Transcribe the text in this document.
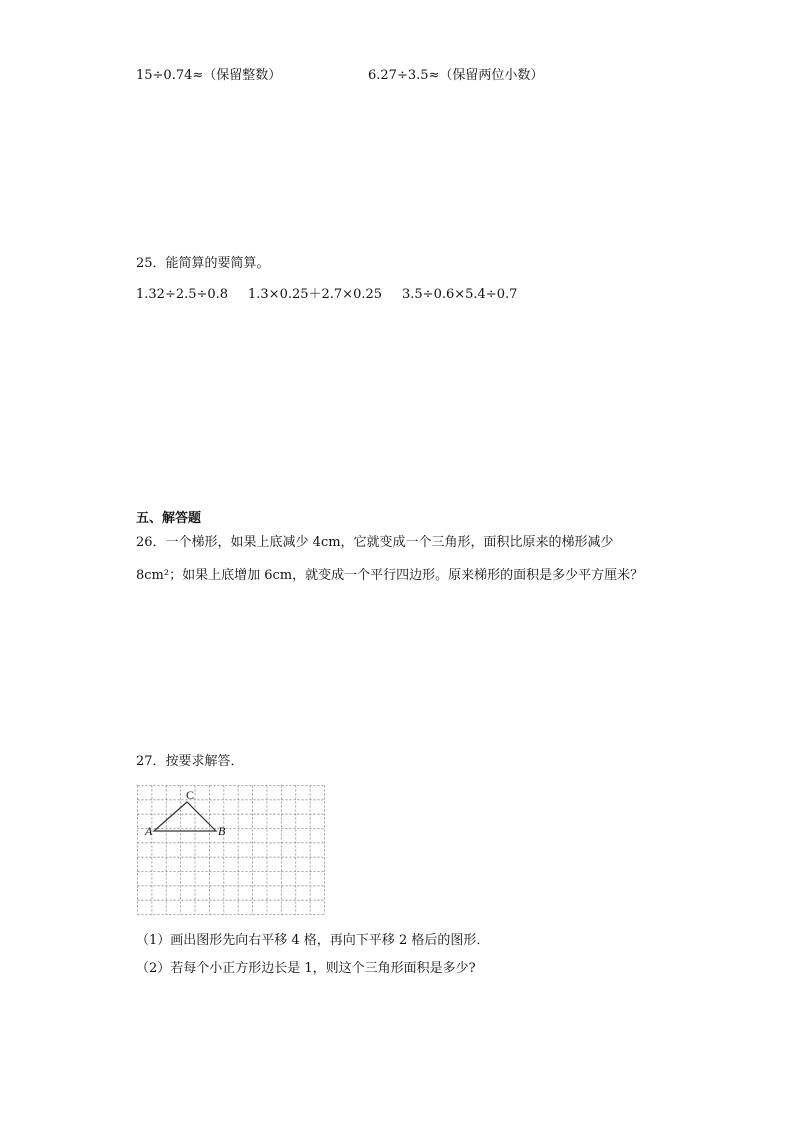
15÷0.74≈（保留整数）	6.27÷3.5≈（保留两位小数）
25．能简算的要简算。
1.32÷2.5÷0.8 1.3×0.25＋2.7×0.25 3.5÷0.6×5.4÷0.7
五、解答题
26．一个梯形，如果上底减少 4cm，它就变成一个三角形，面积比原来的梯形减少
8cm²；如果上底增加 6cm，就变成一个平行四边形。原来梯形的面积是多少平方厘米？
27．按要求解答．
A	B
C
（1）画出图形先向右平移 4 格，再向下平移 2 格后的图形．
（2）若每个小正方形边长是 1，则这个三角形面积是多少?
